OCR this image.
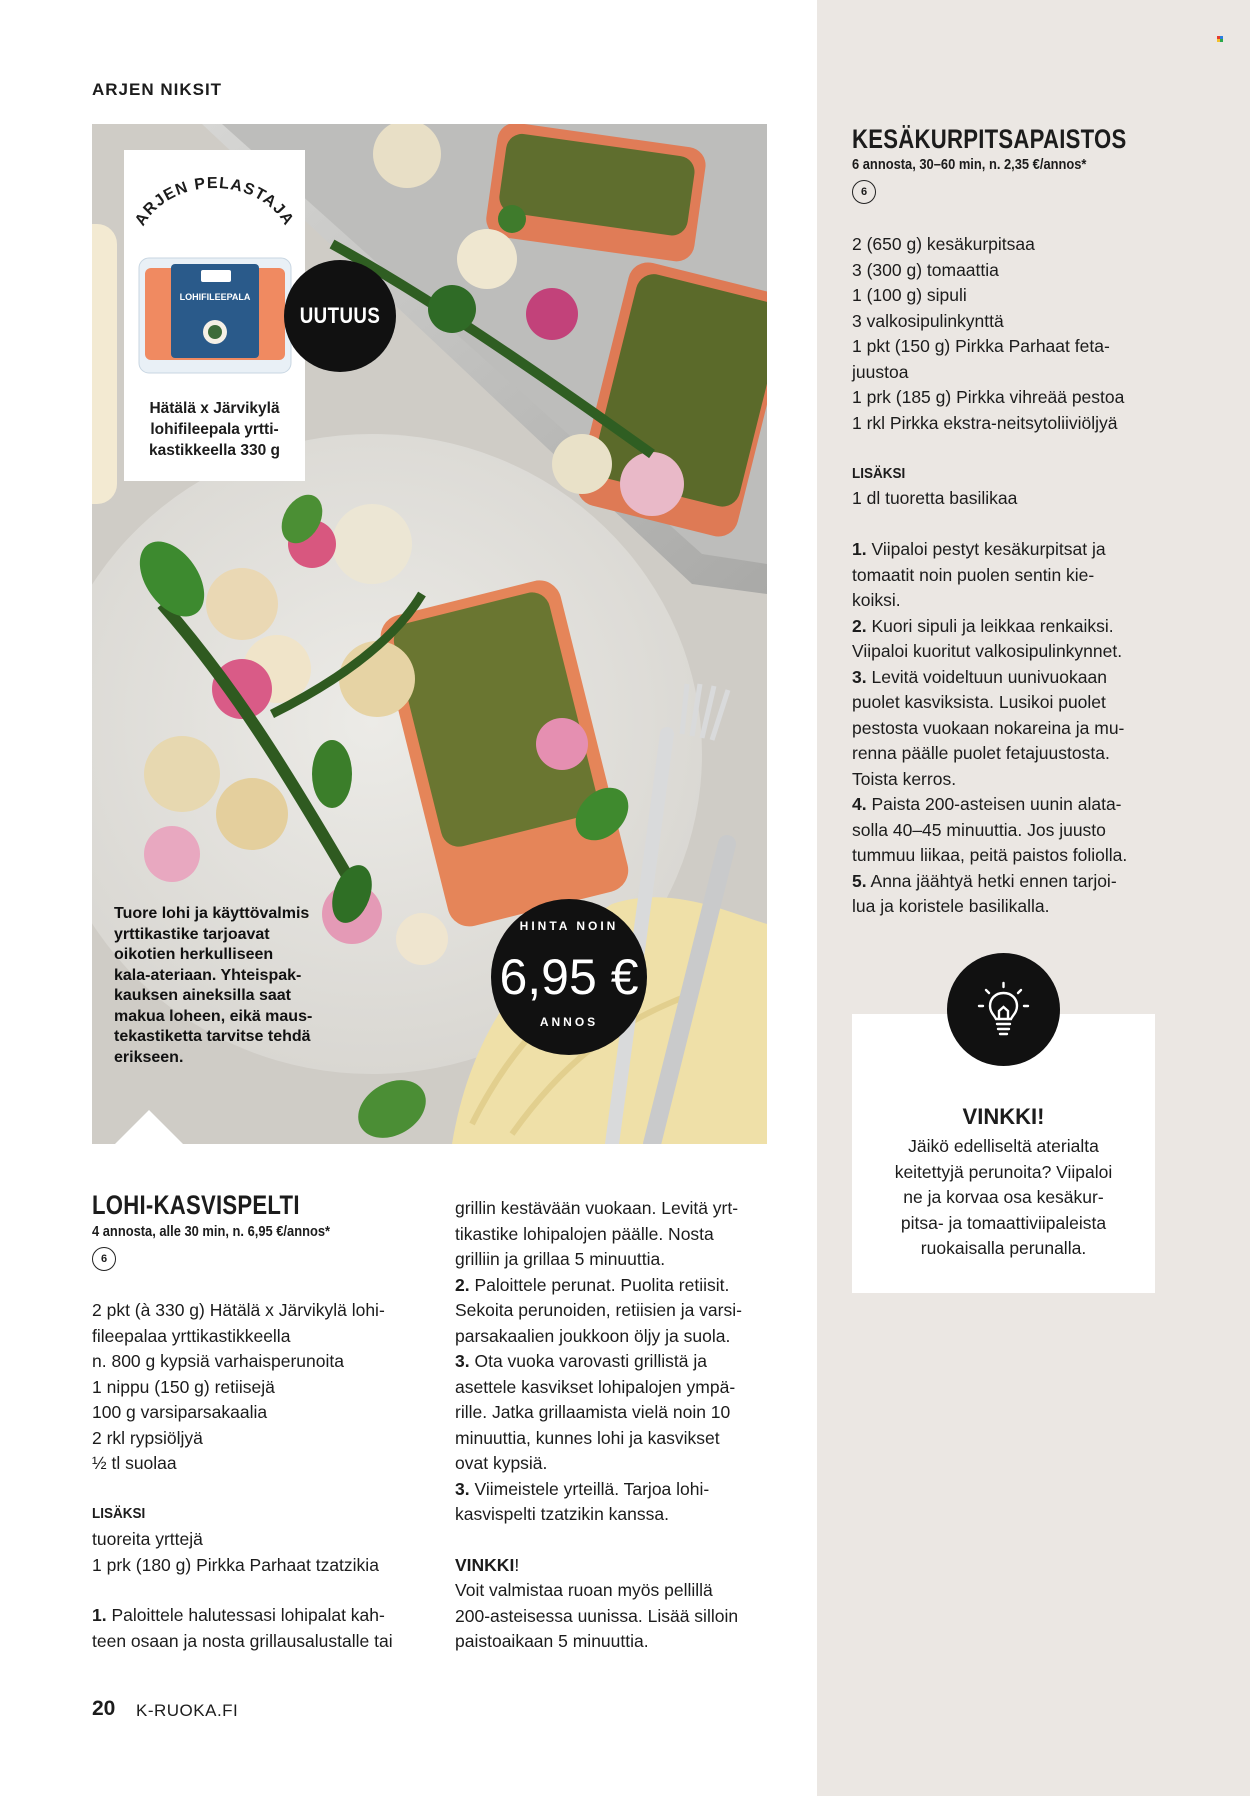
ARJEN NIKSIT

ARJEN PELASTAJA
LOHIFILEEPALA

Hätälä x Järvikylä
lohifileepala yrtti-
kastikkeella 330 g

UUTUUS

Tuore lohi ja käyttövalmis
yrttikastike tarjoavat
oikotien herkulliseen
kala-ateriaan. Yhteispak-
kauksen aineksilla saat
makua loheen, eikä maus-
tekastiketta tarvitse tehdä
erikseen.

HINTA NOIN
6,95 €
ANNOS
LOHI-KASVISPELTI

4 annosta, alle 30 min, n. 6,95 €/annos*

6
2 pkt (à 330 g) Hätälä x Järvikylä lohi-
fileepalaa yrttikastikkeella
n. 800 g kypsiä varhaisperunoita
1 nippu (150 g) retiisejä
100 g varsiparsakaalia
2 rkl rypsiöljyä
½ tl suolaa

LISÄKSI

tuoreita yrttejä
1 prk (180 g) Pirkka Parhaat tzatzikia
1. Paloittele halutessasi lohipalat kah-
teen osaan ja nosta grillausalustalle tai
grillin kestävään vuokaan. Levitä yrt-
tikastike lohipalojen päälle. Nosta
grilliin ja grillaa 5 minuuttia.
2. Paloittele perunat. Puolita retiisit.
Sekoita perunoiden, retiisien ja varsi-
parsakaalien joukkoon öljy ja suola.
3. Ota vuoka varovasti grillistä ja
asettele kasvikset lohipalojen ympä-
rille. Jatka grillaamista vielä noin 10
minuuttia, kunnes lohi ja kasvikset
ovat kypsiä.
3. Viimeistele yrteillä. Tarjoa lohi-
kasvispelti tzatzikin kanssa.

VINKKI!
Voit valmistaa ruoan myös pellillä
200-asteisessa uunissa. Lisää silloin
paistoaikaan 5 minuuttia.
KESÄKURPITSAPAISTOS

6 annosta, 30–60 min, n. 2,35 €/annos*

6
2 (650 g) kesäkurpitsaa
3 (300 g) tomaattia
1 (100 g) sipuli
3 valkosipulinkynttä
1 pkt (150 g) Pirkka Parhaat feta-
juustoa
1 prk (185 g) Pirkka vihreää pestoa
1 rkl Pirkka ekstra-neitsytoliiviöljyä

LISÄKSI

1 dl tuoretta basilikaa
1. Viipaloi pestyt kesäkurpitsat ja
tomaatit noin puolen sentin kie-
koiksi.
2. Kuori sipuli ja leikkaa renkaiksi.
Viipaloi kuoritut valkosipulinkynnet.
3. Levitä voideltuun uunivuokaan
puolet kasviksista. Lusikoi puolet
pestosta vuokaan nokareina ja mu-
renna päälle puolet fetajuustosta.
Toista kerros.
4. Paista 200-asteisen uunin alata-
solla 40–45 minuuttia. Jos juusto
tummuu liikaa, peitä paistos foliolla.
5. Anna jäähtyä hetki ennen tarjoi-
lua ja koristele basilikalla.

VINKKI!

Jäikö edelliseltä aterialta
keitettyjä perunoita? Viipaloi
ne ja korvaa osa kesäkur-
pitsa- ja tomaattiviipaleista
ruokaisalla perunalla.

20 K-RUOKA.FI
